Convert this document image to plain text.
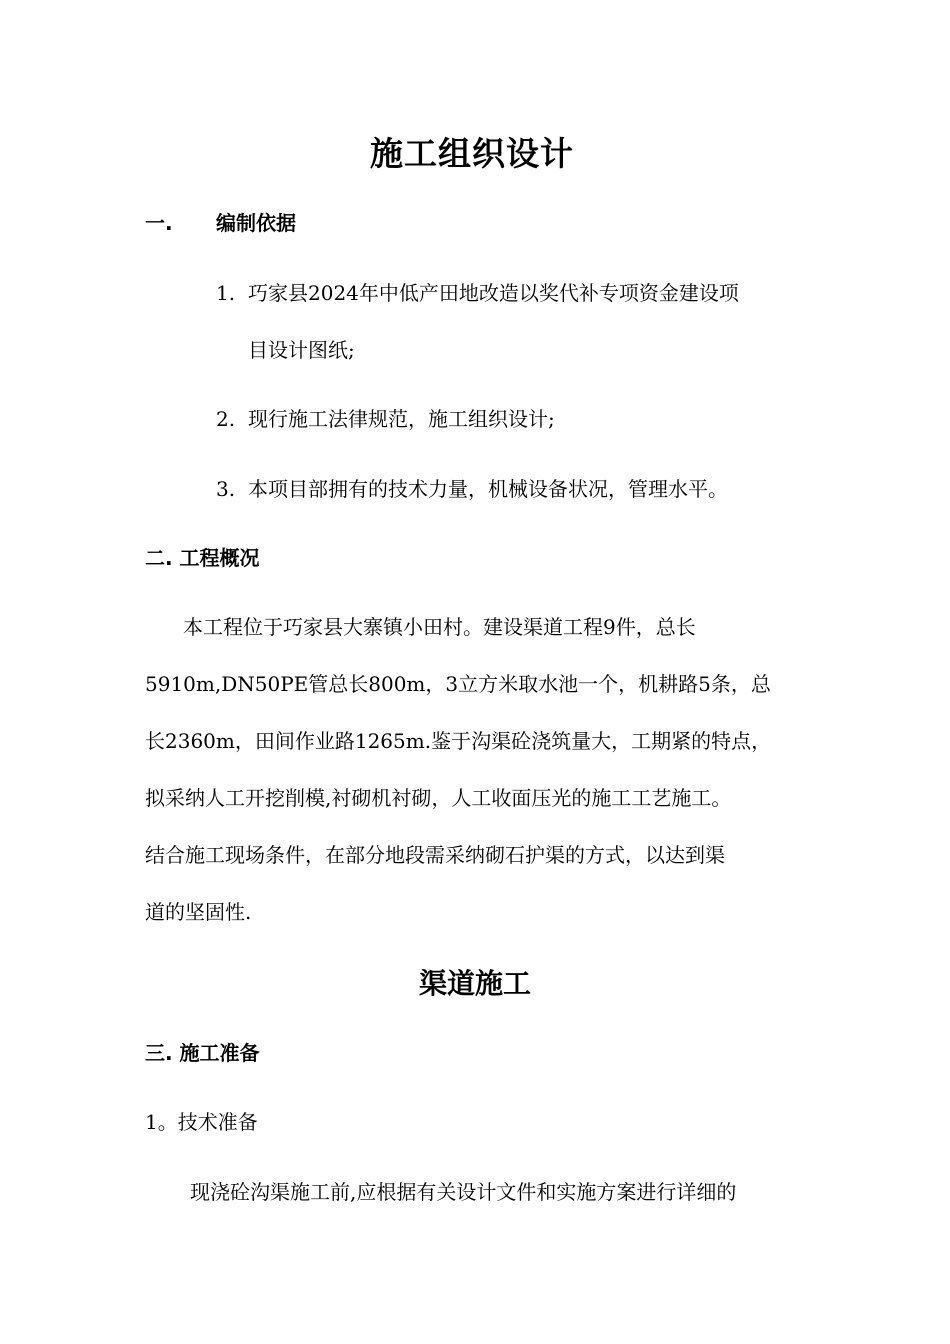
施工组织设计
一. 编制依据
1. 巧家县2024年中低产田地改造以奖代补专项资金建设项
目设计图纸;
2. 现行施工法律规范，施工组织设计;
3. 本项目部拥有的技术力量，机械设备状况，管理水平。
二. 工程概况
本工程位于巧家县大寨镇小田村。建设渠道工程9件，总长
5910m,DN50PE管总长800m，3立方米取水池一个，机耕路5条，总
长2360m，田间作业路1265m.鉴于沟渠砼浇筑量大，工期紧的特点，
拟采纳人工开挖削模,衬砌机衬砌，人工收面压光的施工工艺施工。
结合施工现场条件，在部分地段需采纳砌石护渠的方式，以达到渠
道的坚固性.
渠道施工
三. 施工准备
1。技术准备
现浇砼沟渠施工前,应根据有关设计文件和实施方案进行详细的
